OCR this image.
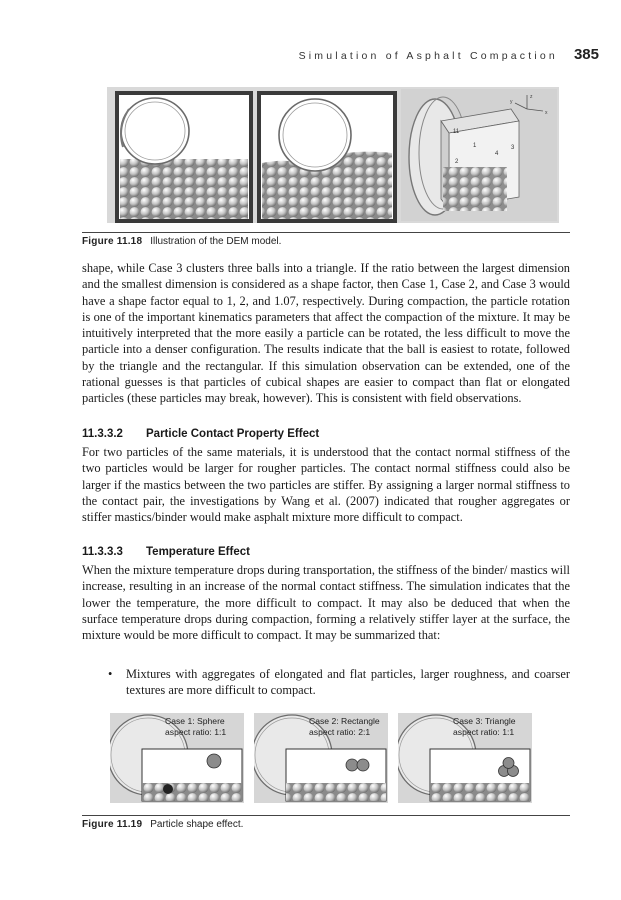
Simulation of Asphalt Compaction 385
z
y
x
11
1
4
3
2
Figure 11.18 Illustration of the DEM model.

shape, while Case 3 clusters three balls into a triangle. If the ratio between the largest dimension and the smallest dimension is considered as a shape factor, then Case 1, Case 2, and Case 3 would have a shape factor equal to 1, 2, and 1.07, respectively. During compaction, the particle rotation is one of the important kinematics parameters that affect the compaction of the mixture. It may be intuitively interpreted that the more easily a particle can be rotated, the less difficult to move the particle into a denser configuration. The results indicate that the ball is easiest to rotate, followed by the triangle and the rectangular. If this simulation observation can be extended, one of the rational guesses is that particles of cubical shapes are easier to compact than flat or elongated particles (these particles may break, however). This is consistent with field observations.

11.3.3.2 Particle Contact Property Effect

For two particles of the same materials, it is understood that the contact normal stiffness of the two particles would be larger for rougher particles. The contact normal stiffness could also be larger if the mastics between the two particles are stiffer. By assigning a larger normal stiffness to the contact pair, the investigations by Wang et al. (2007) indicated that rougher aggregates or stiffer mastics/binder would make asphalt mixture more difficult to compact.

11.3.3.3 Temperature Effect

When the mixture temperature drops during transportation, the stiffness of the binder/ mastics will increase, resulting in an increase of the normal contact stiffness. The simulation indicates that the lower the temperature, the more difficult to compact. It may also be deduced that when the surface temperature drops during compaction, forming a relatively stiffer layer at the surface, the mixture would be more difficult to compact. It may be summarized that:

• Mixtures with aggregates of elongated and flat particles, larger roughness, and coarser textures are more difficult to compact.
Case 1: Sphere
aspect ratio: 1:1
Case 2: Rectangle
aspect ratio: 2:1
Case 3: Triangle
aspect ratio: 1:1
Figure 11.19 Particle shape effect.
